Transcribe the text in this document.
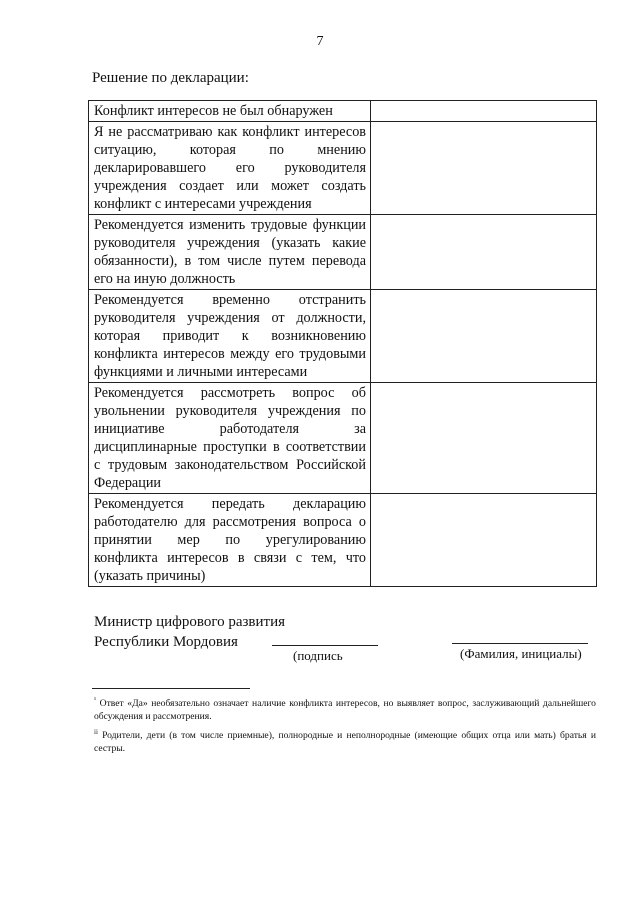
7
Решение по декларации:
Конфликт интересов не был обнаружен	
Я не рассматриваю как конфликт интересов ситуацию, которая по мнению декларировавшего его руководителя учреждения создает или может создать конфликт с интересами учреждения	
Рекомендуется изменить трудовые функции руководителя учреждения (указать какие обязанности), в том числе путем перевода его на иную должность	
Рекомендуется временно отстранить руководителя учреждения от должности, которая приводит к возникновению конфликта интересов между его трудовыми функциями и личными интересами	
Рекомендуется рассмотреть вопрос об увольнении руководителя учреждения по инициативе работодателя за дисциплинарные проступки в соответствии с трудовым законодательством Российской Федерации	
Рекомендуется передать декларацию работодателю для рассмотрения вопроса о принятии мер по урегулированию конфликта интересов в связи с тем, что (указать причины)	
Министр цифрового развития
Республики Мордовия
(подпись	(Фамилия, инициалы)

$^{^1}$ Ответ «Да» необязательно означает наличие конфликта интересов, но выявляет вопрос, заслуживающий дальнейшего обсуждения и рассмотрения.

$^{ii}$ Родители, дети (в том числе приемные), полнородные и неполнородные (имеющие общих отца или мать) братья и сестры.
